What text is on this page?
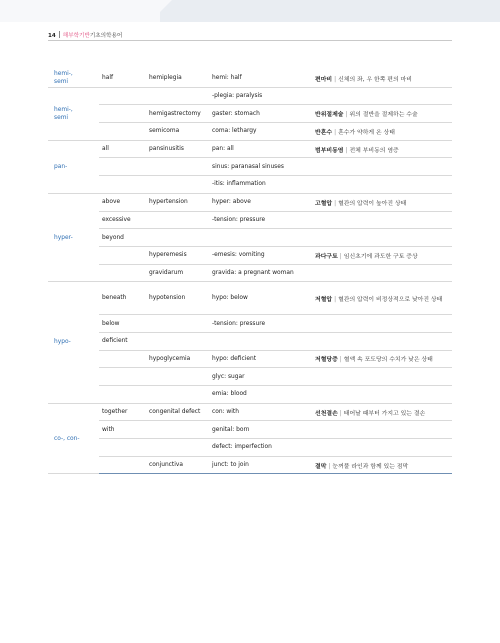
14 해부학기반기초의학용어
hemi-,
semi	half	hemiplegia	hemi: half	편마비 | 신체의 좌, 우 한쪽 편의 마비
hemi-,
semi			-plegia: paralysis	
		hemigastrectomy	gaster: stomach	반위절제술 | 위의 절반을 절제하는 수술
		semicoma	coma: lethargy	반혼수 | 혼수가 약하게 온 상태
pan-	all	pansinusitis	pan: all	범부비동염 | 전체 부비동의 염증
			sinus: paranasal sinuses	
			-itis: inflammation	
hyper-	above	hypertension	hyper: above	고혈압 | 혈관의 압력이 높아진 상태
	excessive		-tension: pressure	
	beyond			
		hyperemesis	-emesis: vomiting	과다구토 | 임신초기에 과도한 구토 증상
		gravidarum	gravida: a pregnant woman	
hypo-	beneath	hypotension	hypo: below	저혈압 | 혈관의 압력이 비정상적으로 낮아진 상태
	below		-tension: pressure	
	deficient			
		hypoglycemia	hypo: deficient	저혈당증 | 혈액 속 포도당의 수치가 낮은 상태
			glyc: sugar	
			emia: blood	
co-, con-	together	congenital defect	con: with	선천결손 | 태어날 때부터 가지고 있는 결손
	with		genital: born	
			defect: imperfection	
		conjunctiva	junct: to join	결막 | 눈꺼풀 라인과 함께 있는 점막
